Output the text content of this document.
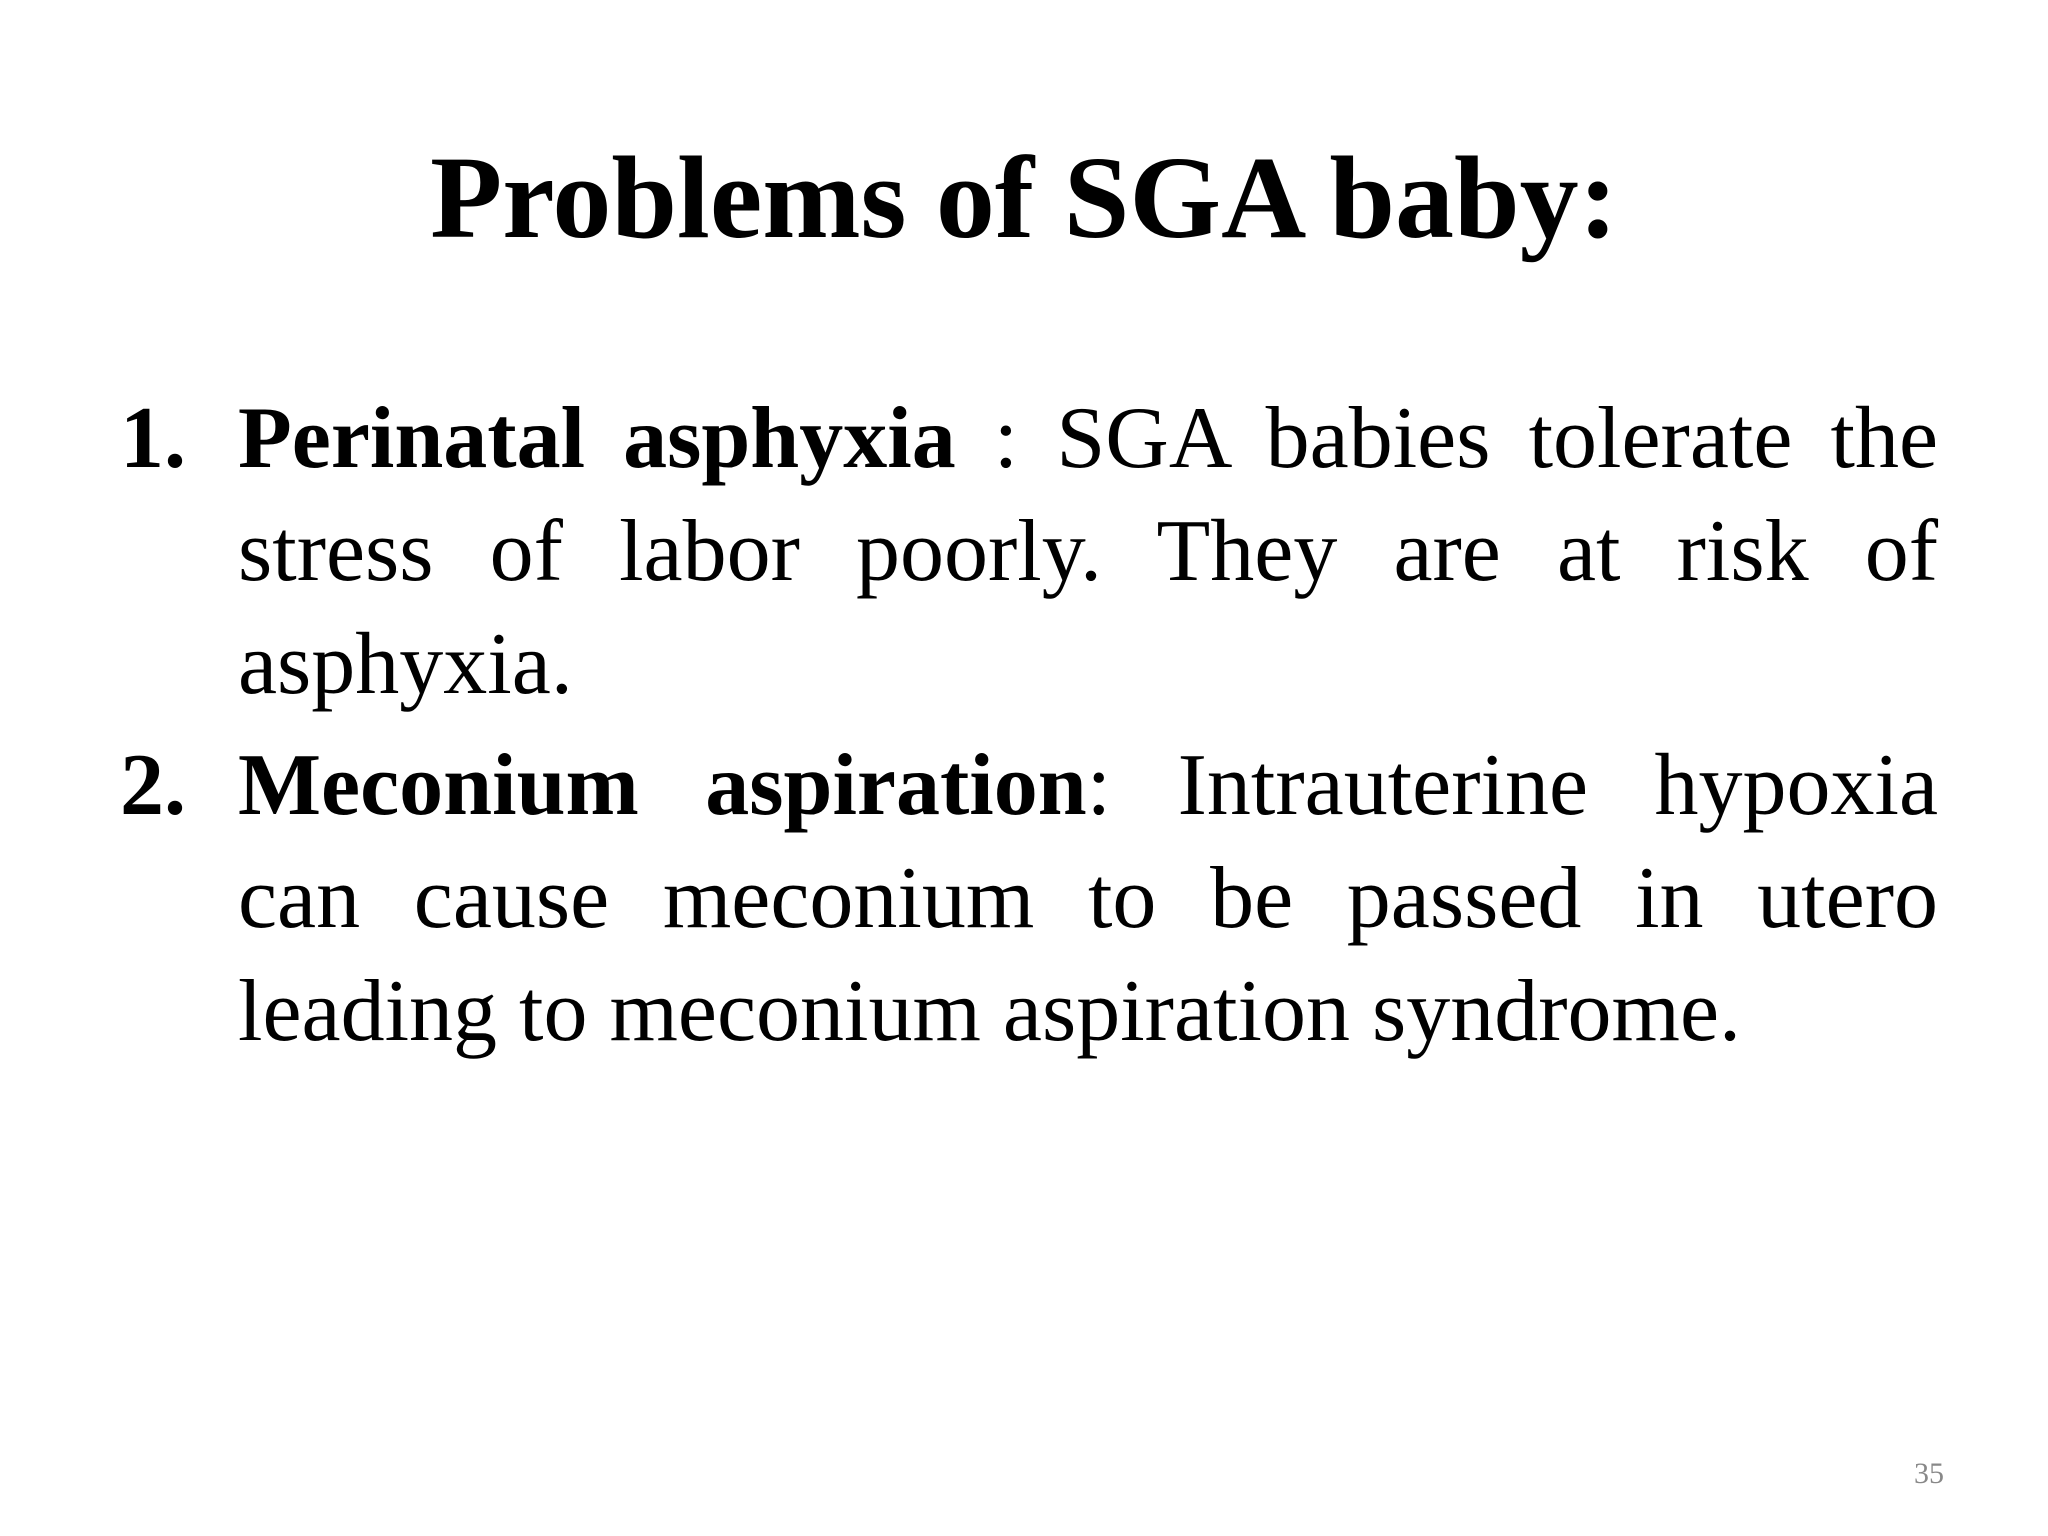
Problems of SGA baby:
1. Perinatal asphyxia : SGA babies tolerate the stress of labor poorly. They are at risk of asphyxia.
2. Meconium aspiration: Intrauterine hypoxia can cause meconium to be passed in utero leading to meconium aspiration syndrome.
35
